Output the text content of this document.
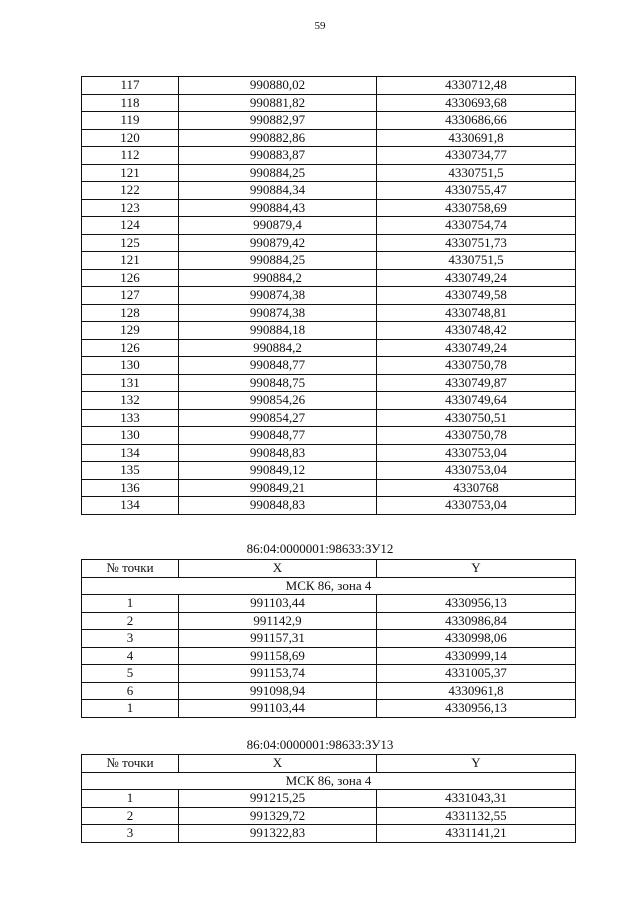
59
117	990880,02	4330712,48
118	990881,82	4330693,68
119	990882,97	4330686,66
120	990882,86	4330691,8
112	990883,87	4330734,77
121	990884,25	4330751,5
122	990884,34	4330755,47
123	990884,43	4330758,69
124	990879,4	4330754,74
125	990879,42	4330751,73
121	990884,25	4330751,5
126	990884,2	4330749,24
127	990874,38	4330749,58
128	990874,38	4330748,81
129	990884,18	4330748,42
126	990884,2	4330749,24
130	990848,77	4330750,78
131	990848,75	4330749,87
132	990854,26	4330749,64
133	990854,27	4330750,51
130	990848,77	4330750,78
134	990848,83	4330753,04
135	990849,12	4330753,04
136	990849,21	4330768
134	990848,83	4330753,04
86:04:0000001:98633:ЗУ12
№ точки	X	Y
МСК 86, зона 4		
1	991103,44	4330956,13
2	991142,9	4330986,84
3	991157,31	4330998,06
4	991158,69	4330999,14
5	991153,74	4331005,37
6	991098,94	4330961,8
1	991103,44	4330956,13
86:04:0000001:98633:ЗУ13
№ точки	X	Y
МСК 86, зона 4		
1	991215,25	4331043,31
2	991329,72	4331132,55
3	991322,83	4331141,21
